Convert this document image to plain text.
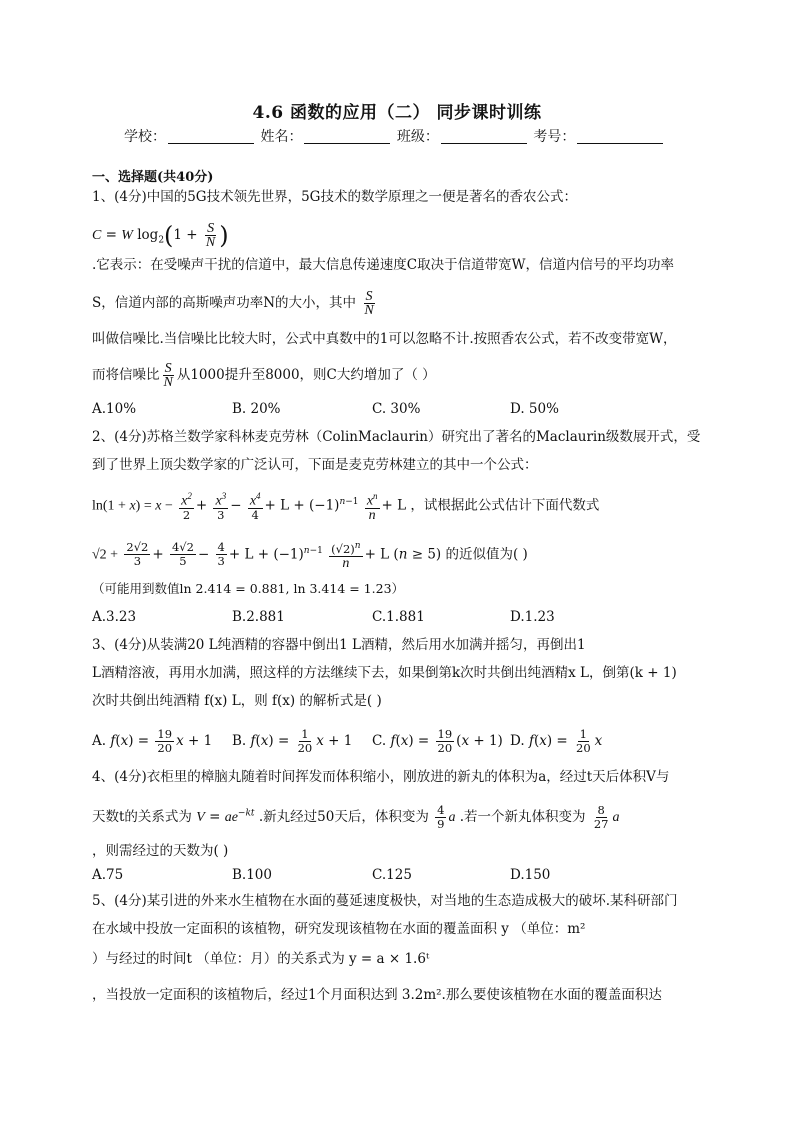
4.6 函数的应用（二） 同步课时训练
学校：	姓名：	班级：	考号：
一、选择题(共40分)
1、(4分)中国的5G技术领先世界，5G技术的数学原理之一便是著名的香农公式：
C = W $\log_2(1 + \frac{S}{N}$ )
.它表示：在受噪声干扰的信道中，最大信息传递速度C取决于信道带宽W，信道内信号的平均功率
S，信道内部的高斯噪声功率N的大小，其中 $\frac{S}{N}$
叫做信噪比.当信噪比比较大时，公式中真数中的1可以忽略不计.按照香农公式，若不改变带宽W，
而将信噪比 $\frac{S}{N}$ 从1000提升至8000，则C大约增加了（ ）
A.10%	B. 20%	C. 30%	D. 50%
2、(4分)苏格兰数学家科林麦克劳林（ColinMaclaurin）研究出了著名的Maclaurin级数展开式，受
到了世界上顶尖数学家的广泛认可，下面是麦克劳林建立的其中一个公式：
$\ln(1 + x) = x - \frac{x^2}{2} + \frac{x^3}{3} - \frac{x^4}{4} + L + (-1)^{n-1} \frac{x^n}{n} + L$ ，试根据此公式估计下面代数式
$√2 + \frac{2√2}{3} + \frac{4√2}{5} - \frac{4}{3} + L + (-1)^{n-1} \frac{(√2)^n}{n} + L$ (n ≥ 5) 的近似值为( )
（可能用到数值ln 2.414 = 0.881, ln 3.414 = 1.23）
A.3.23	B.2.881	C.1.881	D.1.23
3、(4分)从装满20 L纯酒精的容器中倒出1 L酒精，然后用水加满并摇匀，再倒出1
L酒精溶液，再用水加满，照这样的方法继续下去，如果倒第k次时共倒出纯酒精x L，倒第(k + 1)
次时共倒出纯酒精 f(x) L，则 f(x) 的解析式是( )
A. $f(x) = \frac{19}{20}$ x + 1 B. $f(x) = \frac{1}{20}$ x + 1 C. $f(x) = \frac{19}{20} (x + 1)$ D. $f(x) = \frac{1}{20}$ x
4、(4分)衣柜里的樟脑丸随着时间挥发而体积缩小，刚放进的新丸的体积为a，经过t天后体积V与
天数t的关系式为 $V = ae^{-kt}$ .新丸经过50天后，体积变为 $\frac{4}{9}$ a .若一个新丸体积变为 $\frac{8}{27}$ a
，则需经过的天数为( )
A.75	B.100	C.125	D.150
5、(4分)某引进的外来水生植物在水面的蔓延速度极快，对当地的生态造成极大的破坏.某科研部门
在水域中投放一定面积的该植物，研究发现该植物在水面的覆盖面积 y （单位：m²
）与经过的时间t （单位：月）的关系式为 y = a × 1.6ᵗ
，当投放一定面积的该植物后，经过1个月面积达到 3.2m².那么要使该植物在水面的覆盖面积达
